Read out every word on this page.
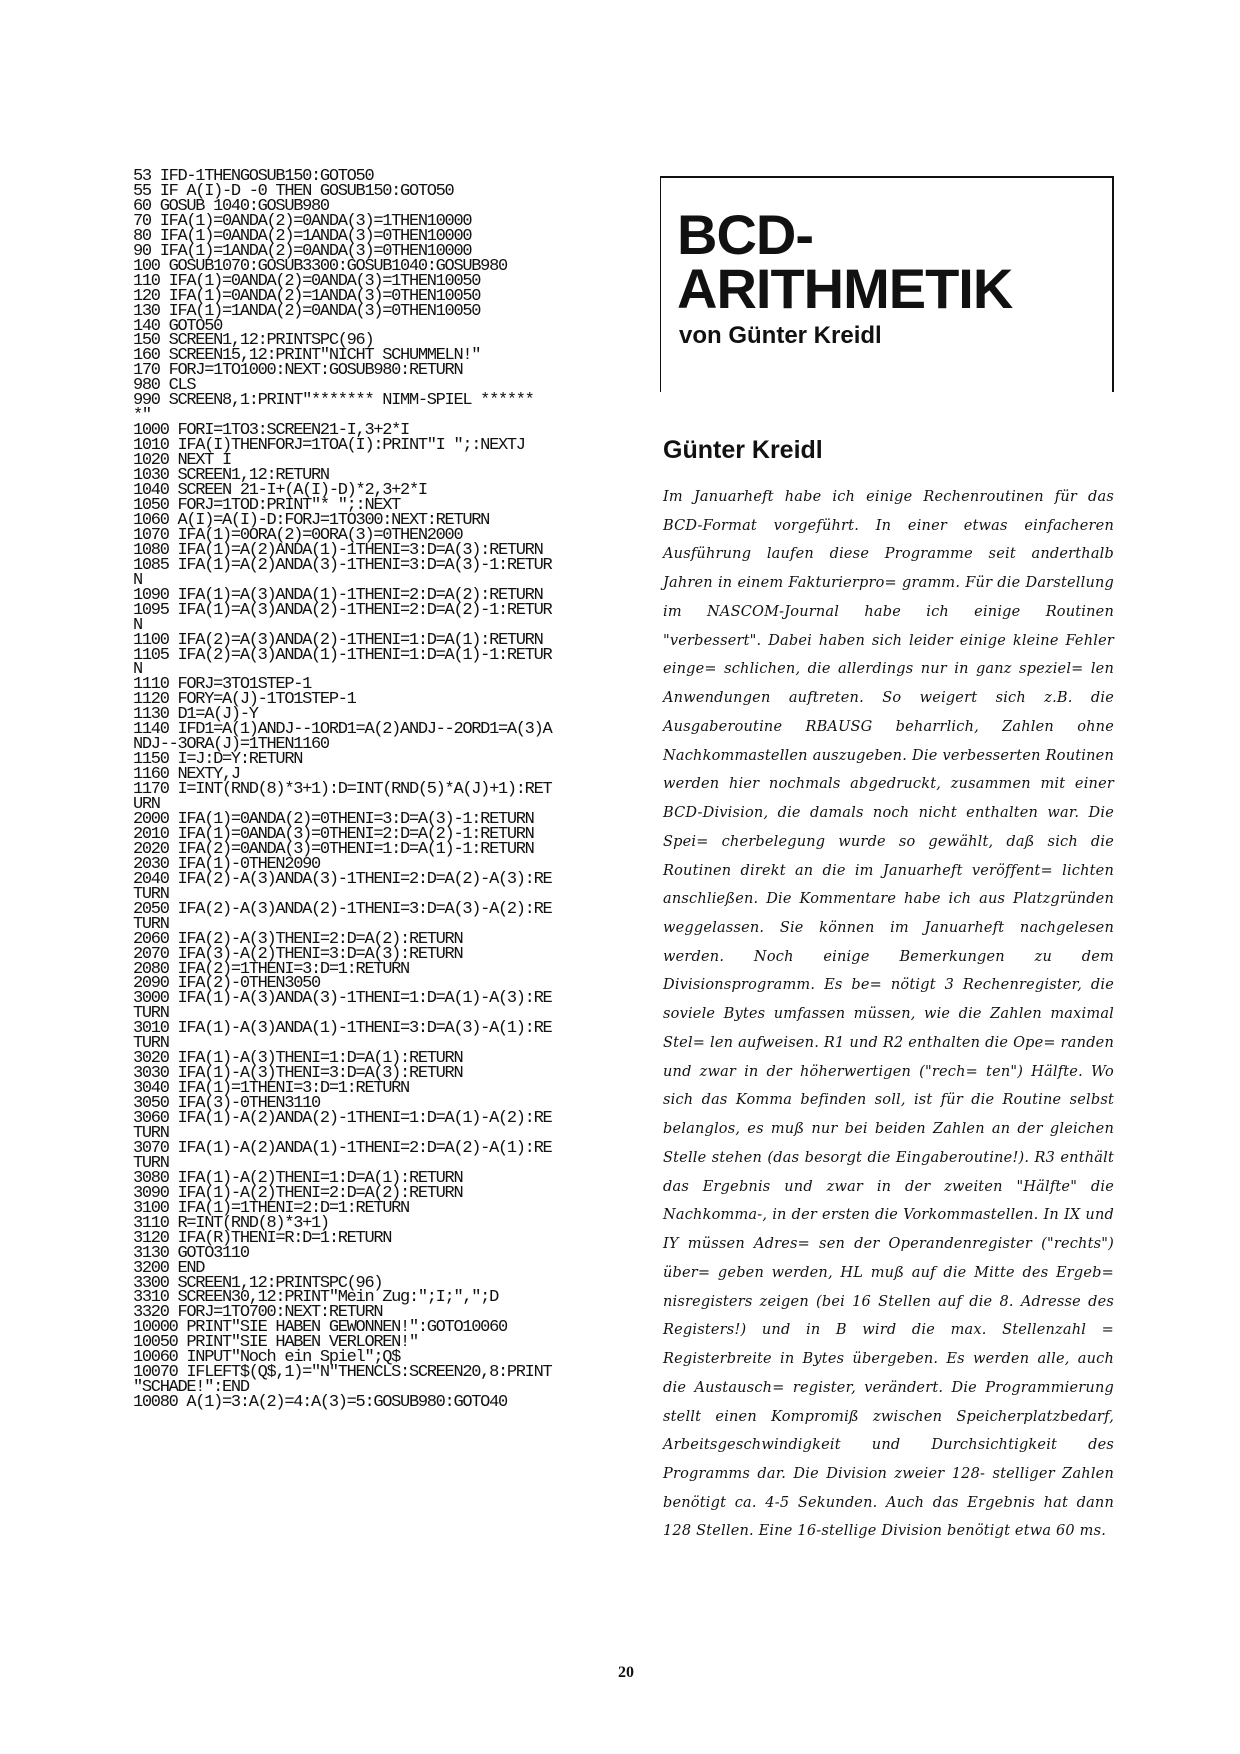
53 IFD-1THENGOSUB150:GOTO50
55 IF A(I)-D -0 THEN GOSUB150:GOTO50
60 GOSUB 1040:GOSUB980
70 IFA(1)=0ANDA(2)=0ANDA(3)=1THEN10000
80 IFA(1)=0ANDA(2)=1ANDA(3)=0THEN10000
90 IFA(1)=1ANDA(2)=0ANDA(3)=0THEN10000
100 GOSUB1070:GOSUB3300:GOSUB1040:GOSUB980
110 IFA(1)=0ANDA(2)=0ANDA(3)=1THEN10050
120 IFA(1)=0ANDA(2)=1ANDA(3)=0THEN10050
130 IFA(1)=1ANDA(2)=0ANDA(3)=0THEN10050
140 GOTO50
150 SCREEN1,12:PRINTSPC(96)
160 SCREEN15,12:PRINT"NICHT SCHUMMELN!"
170 FORJ=1TO1000:NEXT:GOSUB980:RETURN
980 CLS
990 SCREEN8,1:PRINT"******* NIMM-SPIEL ******
*"
1000 FORI=1TO3:SCREEN21-I,3+2*I
1010 IFA(I)THENFORJ=1TOA(I):PRINT"I ";:NEXTJ
1020 NEXT I
1030 SCREEN1,12:RETURN
1040 SCREEN 21-I+(A(I)-D)*2,3+2*I
1050 FORJ=1TOD:PRINT"* ";:NEXT
1060 A(I)=A(I)-D:FORJ=1TO300:NEXT:RETURN
1070 IFA(1)=0ORA(2)=0ORA(3)=0THEN2000
1080 IFA(1)=A(2)ANDA(1)-1THENI=3:D=A(3):RETURN
1085 IFA(1)=A(2)ANDA(3)-1THENI=3:D=A(3)-1:RETUR
N
1090 IFA(1)=A(3)ANDA(1)-1THENI=2:D=A(2):RETURN
1095 IFA(1)=A(3)ANDA(2)-1THENI=2:D=A(2)-1:RETUR
N
1100 IFA(2)=A(3)ANDA(2)-1THENI=1:D=A(1):RETURN
1105 IFA(2)=A(3)ANDA(1)-1THENI=1:D=A(1)-1:RETUR
N
1110 FORJ=3TO1STEP-1
1120 FORY=A(J)-1TO1STEP-1
1130 D1=A(J)-Y
1140 IFD1=A(1)ANDJ--1ORD1=A(2)ANDJ--2ORD1=A(3)A
NDJ--3ORA(J)=1THEN1160
1150 I=J:D=Y:RETURN
1160 NEXTY,J
1170 I=INT(RND(8)*3+1):D=INT(RND(5)*A(J)+1):RET
URN
2000 IFA(1)=0ANDA(2)=0THENI=3:D=A(3)-1:RETURN
2010 IFA(1)=0ANDA(3)=0THENI=2:D=A(2)-1:RETURN
2020 IFA(2)=0ANDA(3)=0THENI=1:D=A(1)-1:RETURN
2030 IFA(1)-0THEN2090
2040 IFA(2)-A(3)ANDA(3)-1THENI=2:D=A(2)-A(3):RE
TURN
2050 IFA(2)-A(3)ANDA(2)-1THENI=3:D=A(3)-A(2):RE
TURN
2060 IFA(2)-A(3)THENI=2:D=A(2):RETURN
2070 IFA(3)-A(2)THENI=3:D=A(3):RETURN
2080 IFA(2)=1THENI=3:D=1:RETURN
2090 IFA(2)-0THEN3050
3000 IFA(1)-A(3)ANDA(3)-1THENI=1:D=A(1)-A(3):RE
TURN
3010 IFA(1)-A(3)ANDA(1)-1THENI=3:D=A(3)-A(1):RE
TURN
3020 IFA(1)-A(3)THENI=1:D=A(1):RETURN
3030 IFA(1)-A(3)THENI=3:D=A(3):RETURN
3040 IFA(1)=1THENI=3:D=1:RETURN
3050 IFA(3)-0THEN3110
3060 IFA(1)-A(2)ANDA(2)-1THENI=1:D=A(1)-A(2):RE
TURN
3070 IFA(1)-A(2)ANDA(1)-1THENI=2:D=A(2)-A(1):RE
TURN
3080 IFA(1)-A(2)THENI=1:D=A(1):RETURN
3090 IFA(1)-A(2)THENI=2:D=A(2):RETURN
3100 IFA(1)=1THENI=2:D=1:RETURN
3110 R=INT(RND(8)*3+1)
3120 IFA(R)THENI=R:D=1:RETURN
3130 GOTO3110
3200 END
3300 SCREEN1,12:PRINTSPC(96)
3310 SCREEN30,12:PRINT"Mein Zug:";I;",";D
3320 FORJ=1TO700:NEXT:RETURN
10000 PRINT"SIE HABEN GEWONNEN!":GOTO10060
10050 PRINT"SIE HABEN VERLOREN!"
10060 INPUT"Noch ein Spiel";Q$
10070 IFLEFT$(Q$,1)="N"THENCLS:SCREEN20,8:PRINT
"SCHADE!":END
10080 A(1)=3:A(2)=4:A(3)=5:GOSUB980:GOTO40
BCD-
ARITHMETIK
von Günter Kreidl
Günter Kreidl

Im Januarheft habe ich einige Rechenroutinen für das BCD-Format vorgeführt. In einer etwas einfacheren Ausführung laufen diese Programme seit anderthalb Jahren in einem Fakturierpro= gramm. Für die Darstellung im NASCOM-Journal habe ich einige Routinen "verbessert". Dabei haben sich leider einige kleine Fehler einge= schlichen, die allerdings nur in ganz speziel= len Anwendungen auftreten. So weigert sich z.B. die Ausgaberoutine RBAUSG beharrlich, Zahlen ohne Nachkommastellen auszugeben. Die verbesserten Routinen werden hier nochmals abgedruckt, zusammen mit einer BCD-Division, die damals noch nicht enthalten war. Die Spei= cherbelegung wurde so gewählt, daß sich die Routinen direkt an die im Januarheft veröffent= lichten anschließen. Die Kommentare habe ich aus Platzgründen weggelassen. Sie können im Januarheft nachgelesen werden. Noch einige Bemerkungen zu dem Divisionsprogramm. Es be= nötigt 3 Rechenregister, die soviele Bytes umfassen müssen, wie die Zahlen maximal Stel= len aufweisen. R1 und R2 enthalten die Ope= randen und zwar in der höherwertigen ("rech= ten") Hälfte. Wo sich das Komma befinden soll, ist für die Routine selbst belanglos, es muß nur bei beiden Zahlen an der gleichen Stelle stehen (das besorgt die Eingaberoutine!). R3 enthält das Ergebnis und zwar in der zweiten "Hälfte" die Nachkomma-, in der ersten die Vorkommastellen. In IX und IY müssen Adres= sen der Operandenregister ("rechts") über= geben werden, HL muß auf die Mitte des Ergeb= nisregisters zeigen (bei 16 Stellen auf die 8. Adresse des Registers!) und in B wird die max. Stellenzahl = Registerbreite in Bytes übergeben. Es werden alle, auch die Austausch= register, verändert. Die Programmierung stellt einen Kompromiß zwischen Speicherplatzbedarf, Arbeitsgeschwindigkeit und Durchsichtigkeit des Programms dar. Die Division zweier 128- stelliger Zahlen benötigt ca. 4-5 Sekunden. Auch das Ergebnis hat dann 128 Stellen. Eine 16-stellige Division benötigt etwa 60 ms.

20
